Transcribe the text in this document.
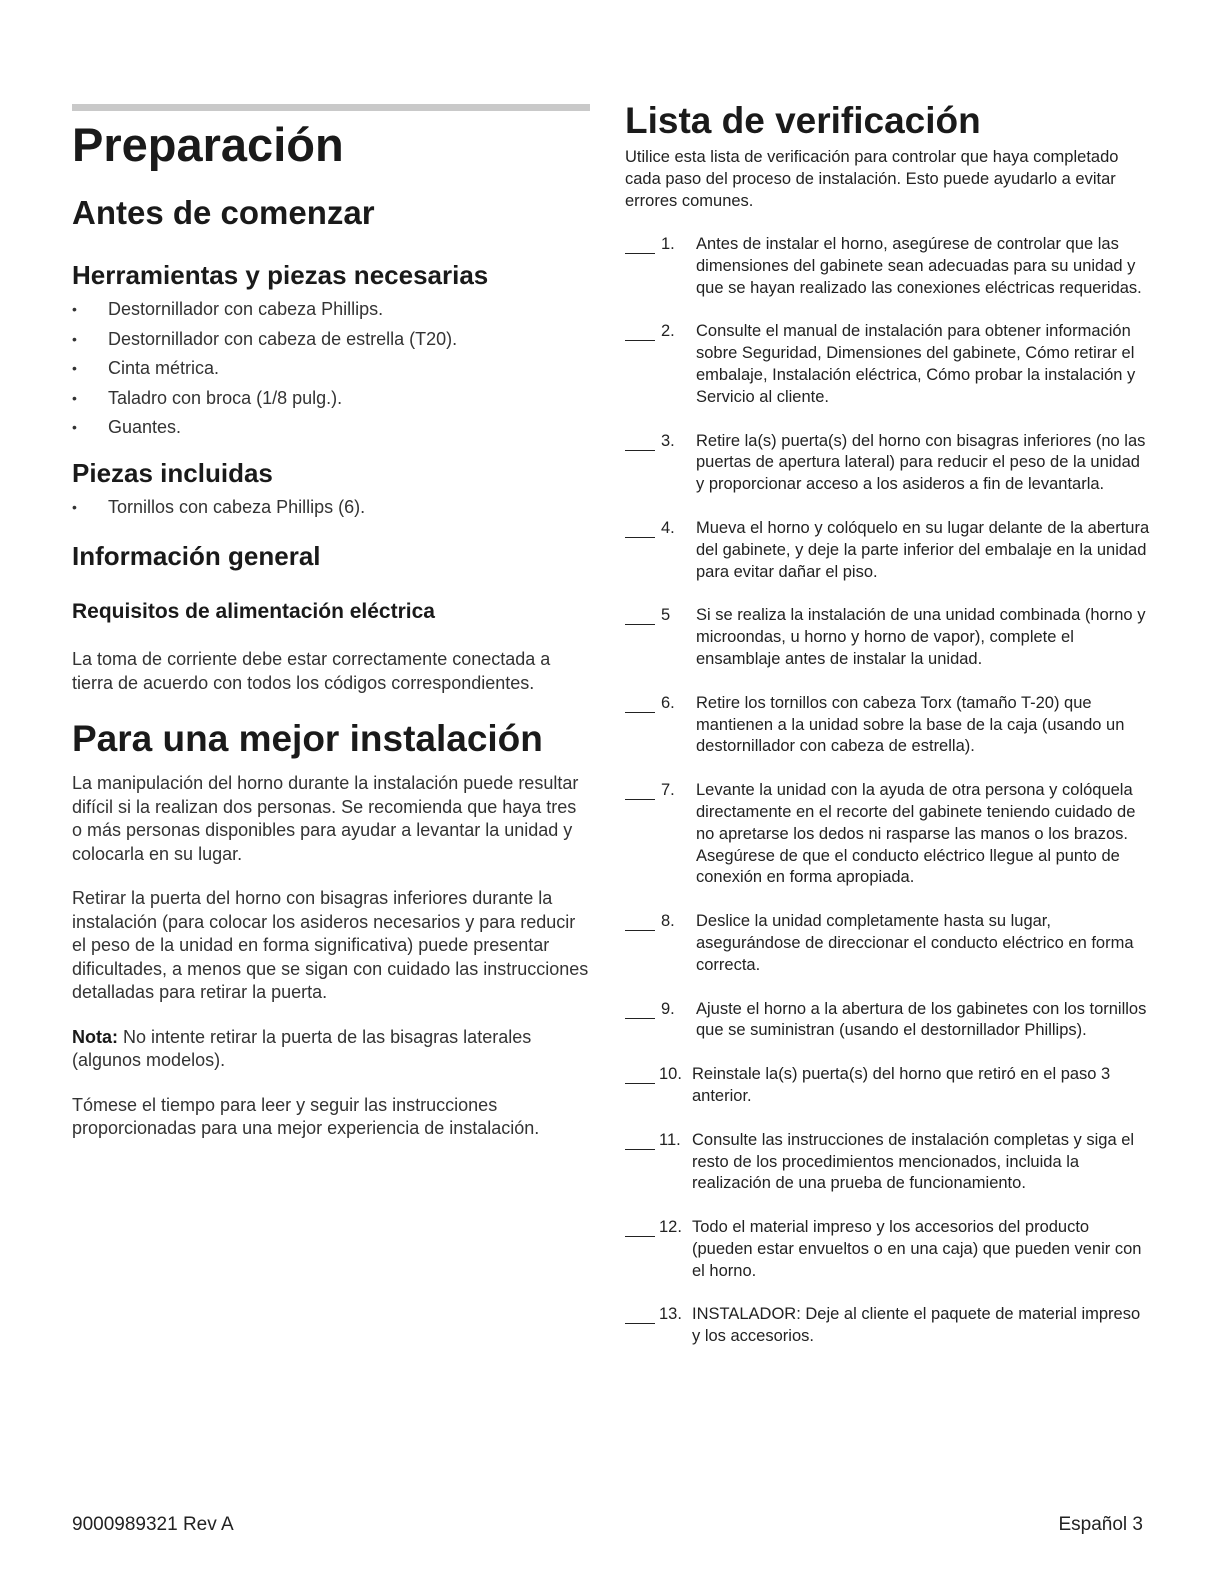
Preparación
Antes de comenzar
Herramientas y piezas necesarias
• Destornillador con cabeza Phillips.
• Destornillador con cabeza de estrella (T20).
• Cinta métrica.
• Taladro con broca (1/8 pulg.).
• Guantes.
Piezas incluidas
• Tornillos con cabeza Phillips (6).
Información general
Requisitos de alimentación eléctrica

La toma de corriente debe estar correctamente conectada a tierra de acuerdo con todos los códigos correspondientes.

Para una mejor instalación

La manipulación del horno durante la instalación puede resultar difícil si la realizan dos personas. Se recomienda que haya tres o más personas disponibles para ayudar a levantar la unidad y colocarla en su lugar.

Retirar la puerta del horno con bisagras inferiores durante la instalación (para colocar los asideros necesarios y para reducir el peso de la unidad en forma significativa) puede presentar dificultades, a menos que se sigan con cuidado las instrucciones detalladas para retirar la puerta.

Nota: No intente retirar la puerta de las bisagras laterales (algunos modelos).

Tómese el tiempo para leer y seguir las instrucciones proporcionadas para una mejor experiencia de instalación.

Lista de verificación

Utilice esta lista de verificación para controlar que haya completado cada paso del proceso de instalación. Esto puede ayudarlo a evitar errores comunes.

1. Antes de instalar el horno, asegúrese de controlar que las dimensiones del gabinete sean adecuadas para su unidad y que se hayan realizado las conexiones eléctricas requeridas.
2. Consulte el manual de instalación para obtener información sobre Seguridad, Dimensiones del gabinete, Cómo retirar el embalaje, Instalación eléctrica, Cómo probar la instalación y Servicio al cliente.
3. Retire la(s) puerta(s) del horno con bisagras inferiores (no las puertas de apertura lateral) para reducir el peso de la unidad y proporcionar acceso a los asideros a fin de levantarla.
4. Mueva el horno y colóquelo en su lugar delante de la abertura del gabinete, y deje la parte inferior del embalaje en la unidad para evitar dañar el piso.
5 Si se realiza la instalación de una unidad combinada (horno y microondas, u horno y horno de vapor), complete el ensamblaje antes de instalar la unidad.
6. Retire los tornillos con cabeza Torx (tamaño T-20) que mantienen a la unidad sobre la base de la caja (usando un destornillador con cabeza de estrella).
7. Levante la unidad con la ayuda de otra persona y colóquela directamente en el recorte del gabinete teniendo cuidado de no apretarse los dedos ni rasparse las manos o los brazos. Asegúrese de que el conducto eléctrico llegue al punto de conexión en forma apropiada.
8. Deslice la unidad completamente hasta su lugar, asegurándose de direccionar el conducto eléctrico en forma correcta.
9. Ajuste el horno a la abertura de los gabinetes con los tornillos que se suministran (usando el destornillador Phillips).
10. Reinstale la(s) puerta(s) del horno que retiró en el paso 3 anterior.
11. Consulte las instrucciones de instalación completas y siga el resto de los procedimientos mencionados, incluida la realización de una prueba de funcionamiento.
12. Todo el material impreso y los accesorios del producto (pueden estar envueltos o en una caja) que pueden venir con el horno.
13. INSTALADOR: Deje al cliente el paquete de material impreso y los accesorios.
9000989321 Rev A	Español 3
